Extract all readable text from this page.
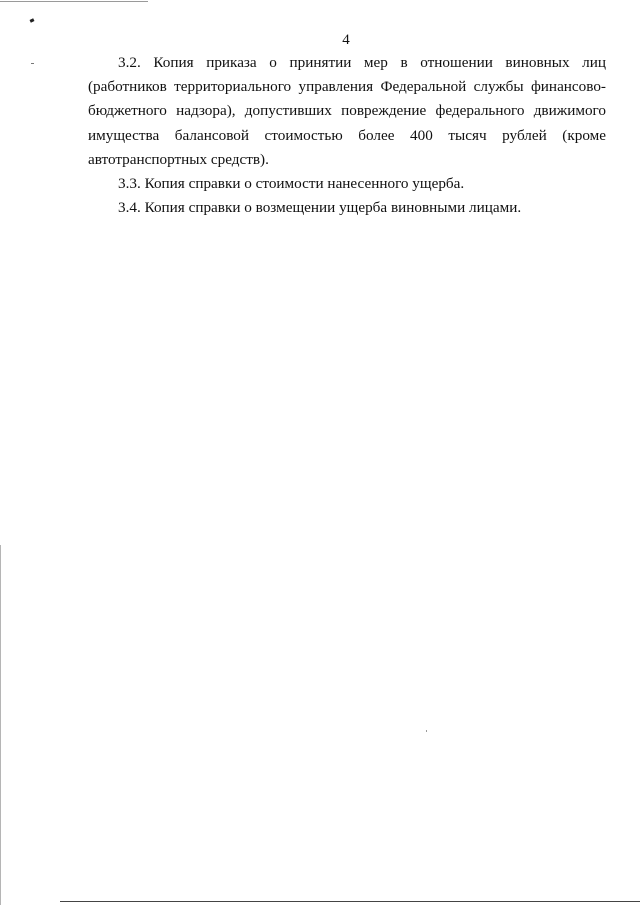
4

3.2. Копия приказа о принятии мер в отношении виновных лиц (работников территориального управления Федеральной службы финансово-бюджетного надзора), допустивших повреждение федерального движимого имущества балансовой стоимостью более 400 тысяч рублей (кроме автотранспортных средств).

3.3. Копия справки о стоимости нанесенного ущерба.

3.4. Копия справки о возмещении ущерба виновными лицами.
